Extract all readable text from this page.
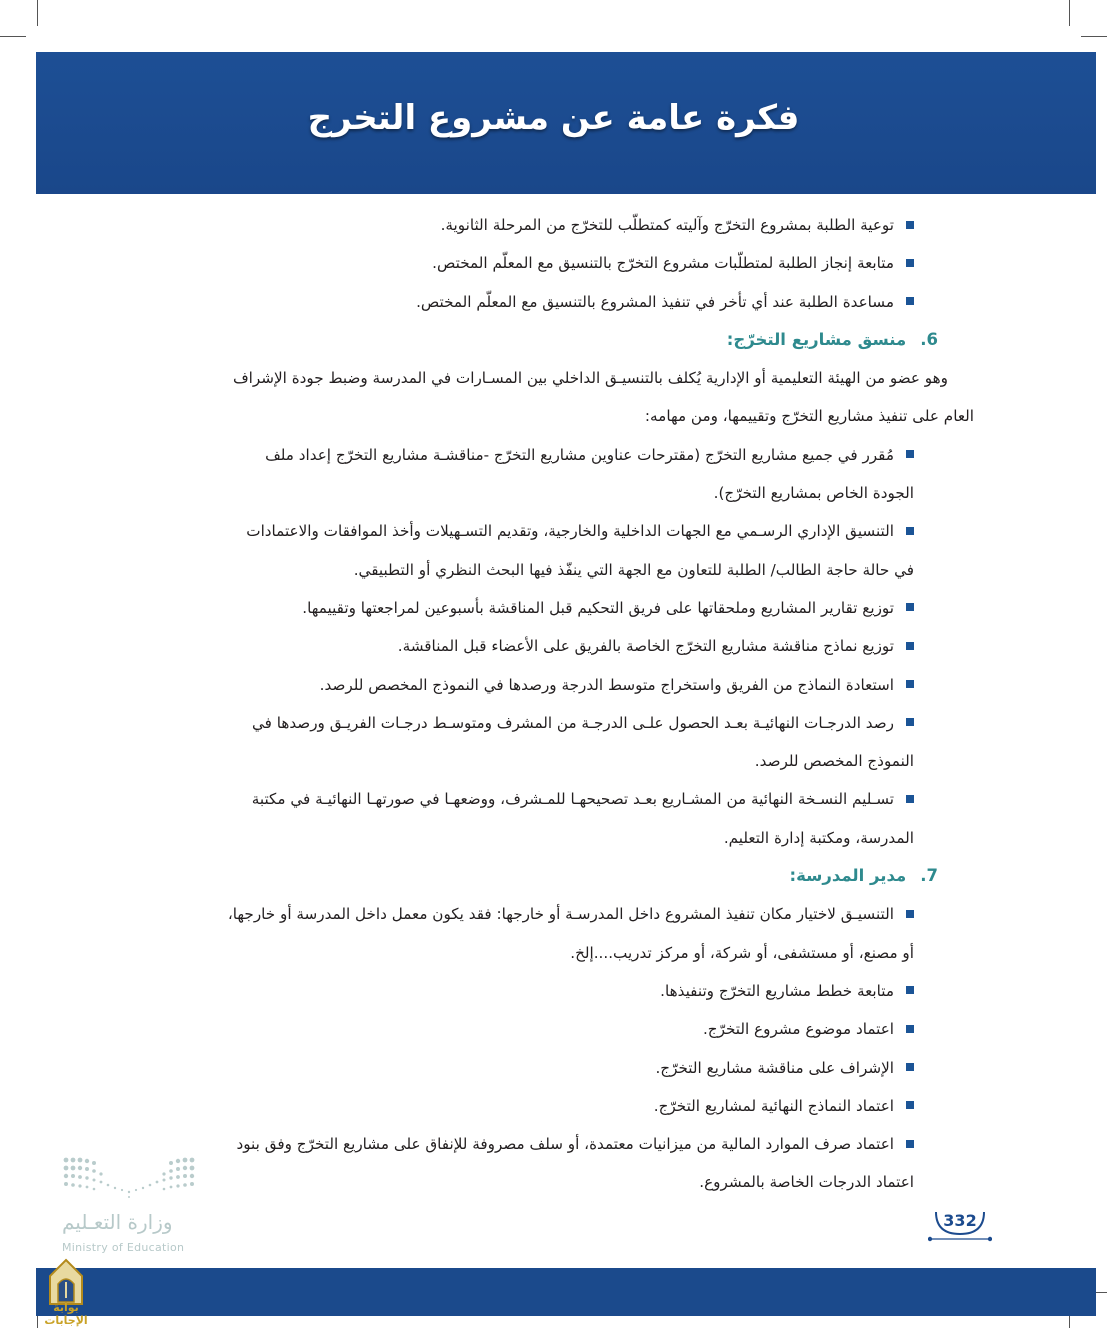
فكرة عامة عن مشروع التخرج
توعية الطلبة بمشروع التخرّج وآليته كمتطلّب للتخرّج من المرحلة الثانوية.
متابعة إنجاز الطلبة لمتطلّبات مشروع التخرّج بالتنسيق مع المعلّم المختص.
مساعدة الطلبة عند أي تأخر في تنفيذ المشروع بالتنسيق مع المعلّم المختص.
6.منسق مشاريع التخرّج:
وهو عضو من الهيئة التعليمية أو الإدارية يُكلف بالتنسيـق الداخلي بين المسـارات في المدرسة وضبط جودة الإشراف
العام على تنفيذ مشاريع التخرّج وتقييمها، ومن مهامه:
مُقرر في جميع مشاريع التخرّج (مقترحات عناوين مشاريع التخرّج -مناقشـة مشاريع التخرّج إعداد ملف
الجودة الخاص بمشاريع التخرّج).
التنسيق الإداري الرسـمي مع الجهات الداخلية والخارجية، وتقديم التسـهيلات وأخذ الموافقات والاعتمادات
في حالة حاجة الطالب/ الطلبة للتعاون مع الجهة التي ينفّذ فيها البحث النظري أو التطبيقي.
توزيع تقارير المشاريع وملحقاتها على فريق التحكيم قبل المناقشة بأسبوعين لمراجعتها وتقييمها.
توزيع نماذج مناقشة مشاريع التخرّج الخاصة بالفريق على الأعضاء قبل المناقشة.
استعادة النماذج من الفريق واستخراج متوسط الدرجة ورصدها في النموذج المخصص للرصد.
رصد الدرجـات النهائيـة بعـد الحصول علـى الدرجـة من المشرف ومتوسـط درجـات الفريـق ورصدها في
النموذج المخصص للرصد.
تسـليم النسـخة النهائية من المشـاريع بعـد تصحيحهـا للمـشرف، ووضعهـا في صورتهـا النهائيـة في مكتبة
المدرسة، ومكتبة إدارة التعليم.
7.مدير المدرسة:
التنسيـق لاختيار مكان تنفيذ المشروع داخل المدرسـة أو خارجها: فقد يكون معمل داخل المدرسة أو خارجها،
أو مصنع، أو مستشفى، أو شركة، أو مركز تدريب....إلخ.
متابعة خطط مشاريع التخرّج وتنفيذها.
اعتماد موضوع مشروع التخرّج.
الإشراف على مناقشة مشاريع التخرّج.
اعتماد النماذج النهائية لمشاريع التخرّج.
اعتماد صرف الموارد المالية من ميزانيات معتمدة، أو سلف مصروفة للإنفاق على مشاريع التخرّج وفق بنود
اعتماد الدرجات الخاصة بالمشروع.
وزارة التعـليم
Ministry of Education
332
بوابة الإجابات
